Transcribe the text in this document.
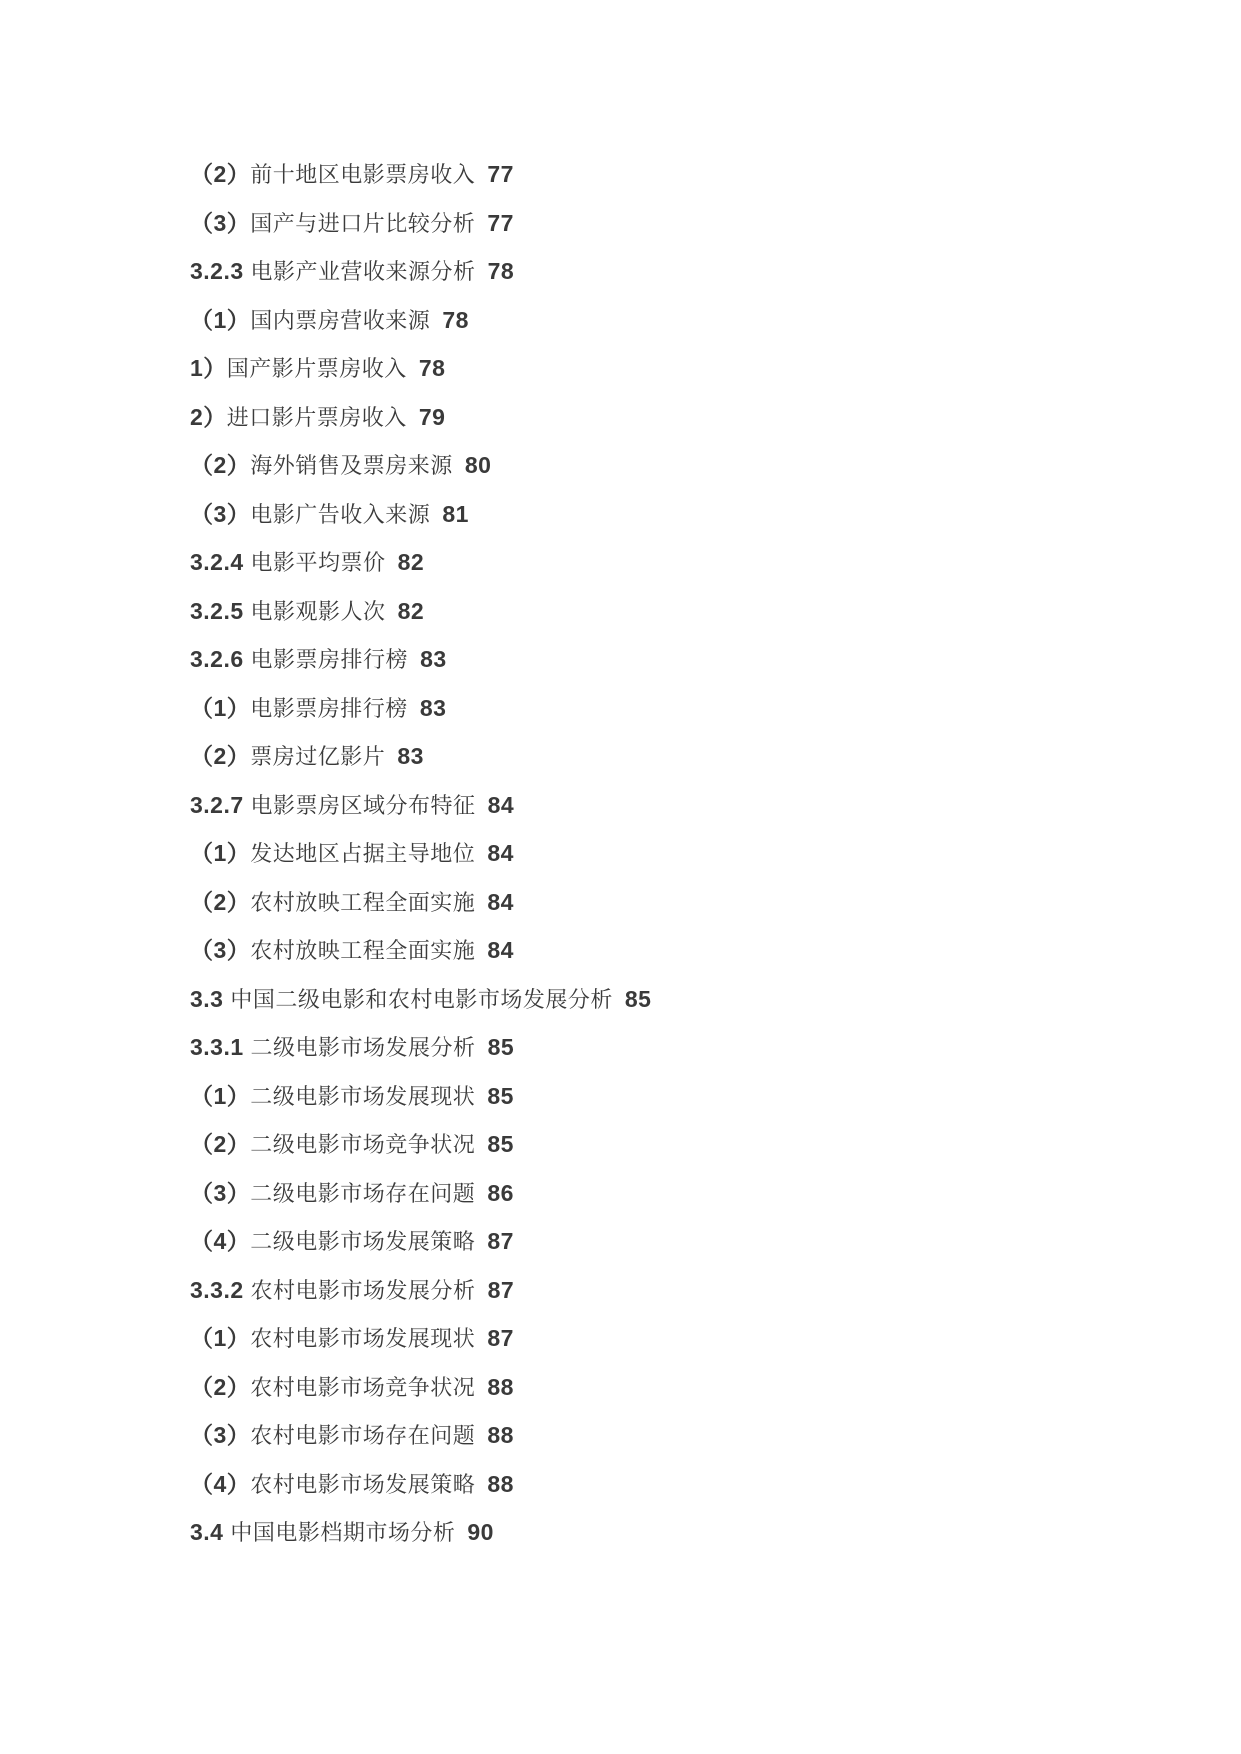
（2）前十地区电影票房收入 77
（3）国产与进口片比较分析 77
3.2.3 电影产业营收来源分析 78
（1）国内票房营收来源 78
1）国产影片票房收入 78
2）进口影片票房收入 79
（2）海外销售及票房来源 80
（3）电影广告收入来源 81
3.2.4 电影平均票价 82
3.2.5 电影观影人次 82
3.2.6 电影票房排行榜 83
（1）电影票房排行榜 83
（2）票房过亿影片 83
3.2.7 电影票房区域分布特征 84
（1）发达地区占据主导地位 84
（2）农村放映工程全面实施 84
（3）农村放映工程全面实施 84
3.3 中国二级电影和农村电影市场发展分析 85
3.3.1 二级电影市场发展分析 85
（1）二级电影市场发展现状 85
（2）二级电影市场竞争状况 85
（3）二级电影市场存在问题 86
（4）二级电影市场发展策略 87
3.3.2 农村电影市场发展分析 87
（1）农村电影市场发展现状 87
（2）农村电影市场竞争状况 88
（3）农村电影市场存在问题 88
（4）农村电影市场发展策略 88
3.4 中国电影档期市场分析 90
